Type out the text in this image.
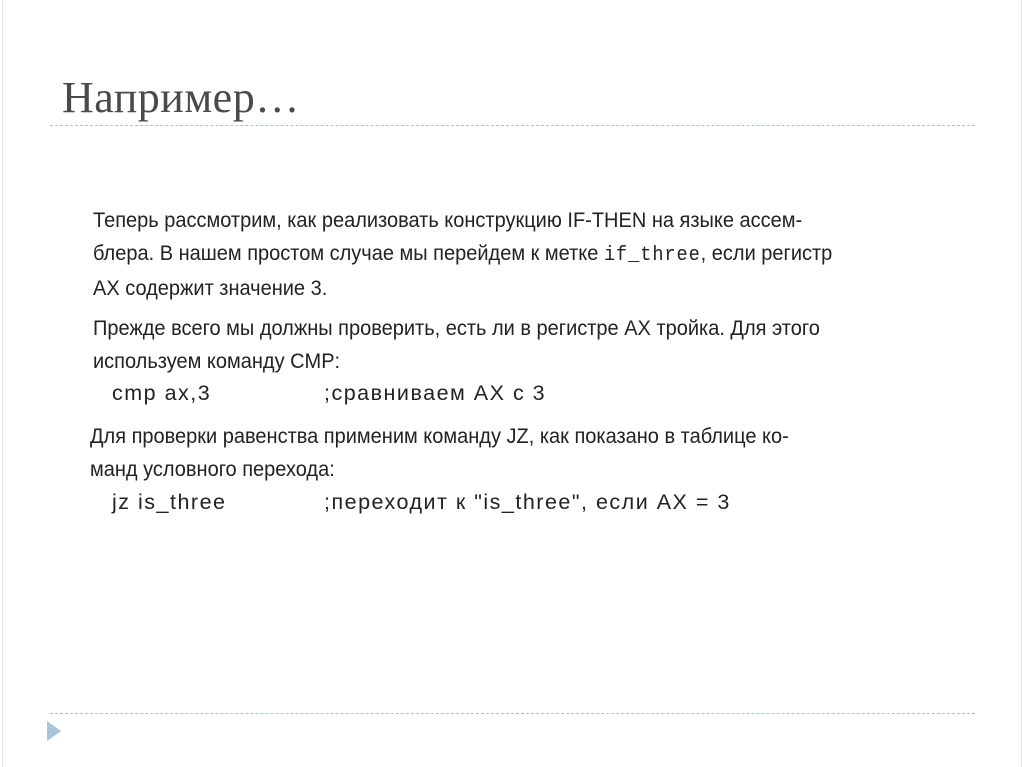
Например…
Теперь рассмотрим, как реализовать конструкцию IF-THEN на языке ассем-
блера. В нашем простом случае мы перейдем к метке if_three, если регистр
AX содержит значение 3.
Прежде всего мы должны проверить, есть ли в регистре AX тройка. Для этого
используем команду CMP:
cmp ax,3	;сравниваем AX с 3
Для проверки равенства применим команду JZ, как показано в таблице ко-
манд условного перехода:
jz is_three	;переходит к "is_three", если AX = 3
